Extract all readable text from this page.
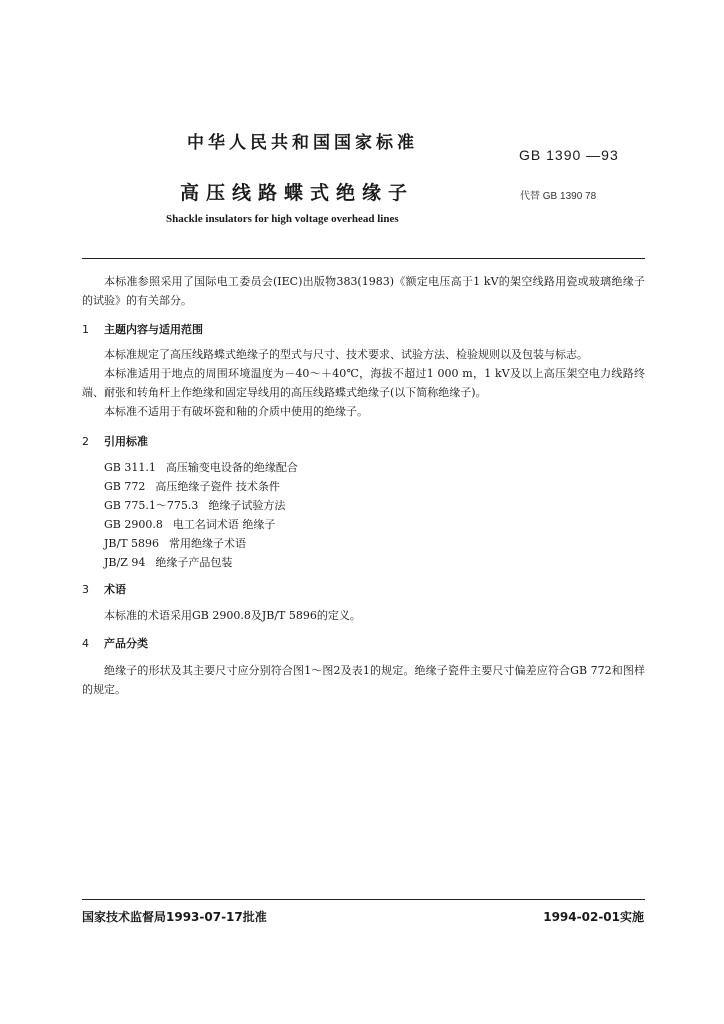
中华人民共和国国家标准
GB 1390 —93
高压线路蝶式绝缘子	代替 GB 1390 78
Shackle insulators for high voltage overhead lines

本标准参照采用了国际电工委员会(IEC)出版物383(1983)《额定电压高于1 kV的架空线路用瓷或玻璃绝缘子的试验》的有关部分。

1 主题内容与适用范围

本标准规定了高压线路蝶式绝缘子的型式与尺寸、技术要求、试验方法、检验规则以及包装与标志。

本标准适用于地点的周围环境温度为－40～＋40℃，海拔不超过1 000 m，1 kV及以上高压架空电力线路终端、耐张和转角杆上作绝缘和固定导线用的高压线路蝶式绝缘子(以下简称绝缘子)。

本标准不适用于有破坏瓷和釉的介质中使用的绝缘子。

2 引用标准
GB 311.1 高压输变电设备的绝缘配合
GB 772 高压绝缘子瓷件 技术条件
GB 775.1～775.3 绝缘子试验方法
GB 2900.8 电工名词术语 绝缘子
JB/T 5896 常用绝缘子术语
JB/Z 94 绝缘子产品包装
3 术语

本标准的术语采用GB 2900.8及JB/T 5896的定义。

4 产品分类

绝缘子的形状及其主要尺寸应分别符合图1～图2及表1的规定。绝缘子瓷件主要尺寸偏差应符合GB 772和图样的规定。

国家技术监督局1993-07-17批准	1994-02-01实施
